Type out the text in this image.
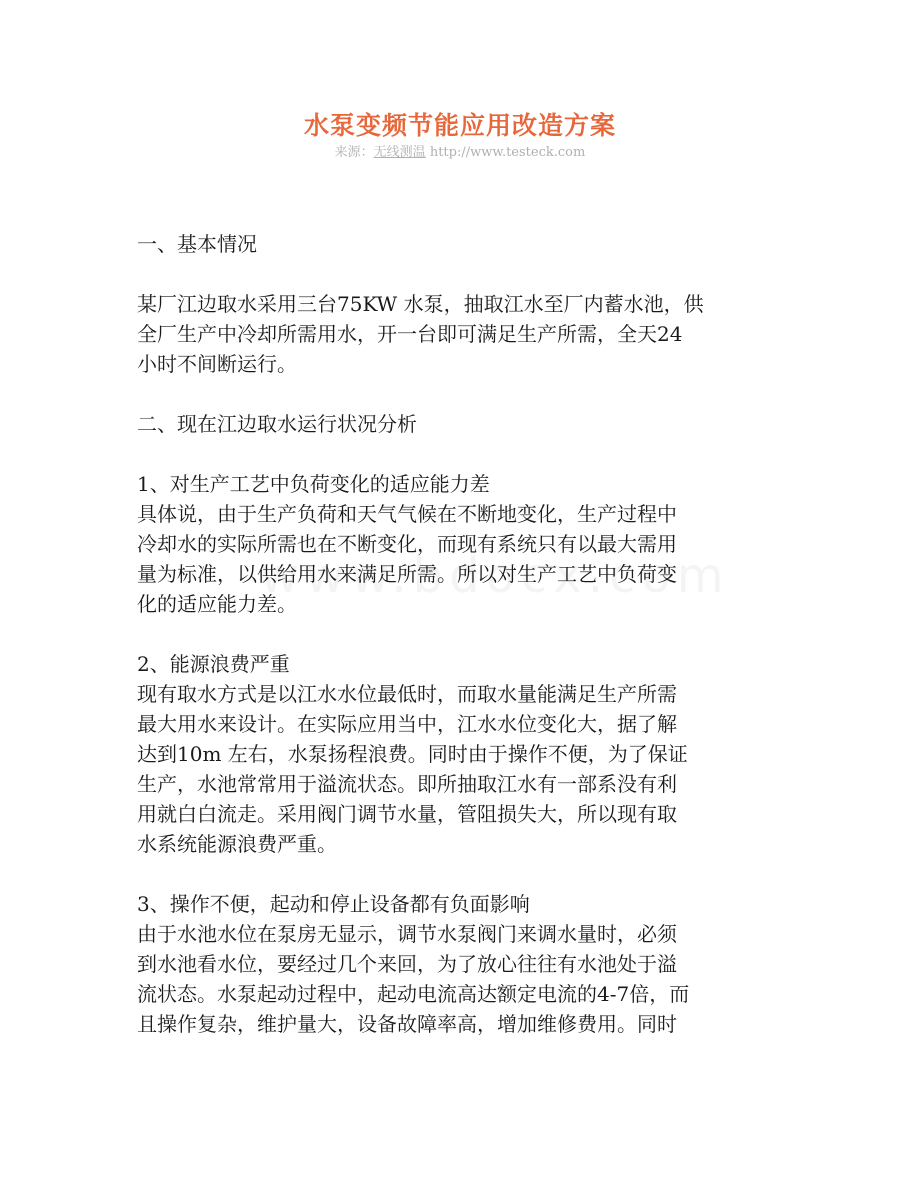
水泵变频节能应用改造方案
来源：无线测温 http://www.testeck.com

一、基本情况

某厂江边取水采用三台75KW 水泵，抽取江水至厂内蓄水池，供

全厂生产中冷却所需用水，开一台即可满足生产所需，全天24

小时不间断运行。

二、现在江边取水运行状况分析

1、对生产工艺中负荷变化的适应能力差

具体说，由于生产负荷和天气气候在不断地变化，生产过程中

冷却水的实际所需也在不断变化，而现有系统只有以最大需用

量为标准，以供给用水来满足所需。所以对生产工艺中负荷变

化的适应能力差。

2、能源浪费严重

现有取水方式是以江水水位最低时，而取水量能满足生产所需

最大用水来设计。在实际应用当中，江水水位变化大，据了解

达到10m 左右，水泵扬程浪费。同时由于操作不便，为了保证

生产，水池常常用于溢流状态。即所抽取江水有一部系没有利

用就白白流走。采用阀门调节水量，管阻损失大，所以现有取

水系统能源浪费严重。

3、操作不便，起动和停止设备都有负面影响

由于水池水位在泵房无显示，调节水泵阀门来调水量时，必须

到水池看水位，要经过几个来回，为了放心往往有水池处于溢

流状态。水泵起动过程中，起动电流高达额定电流的4-7倍，而

且操作复杂，维护量大，设备故障率高，增加维修费用。同时
